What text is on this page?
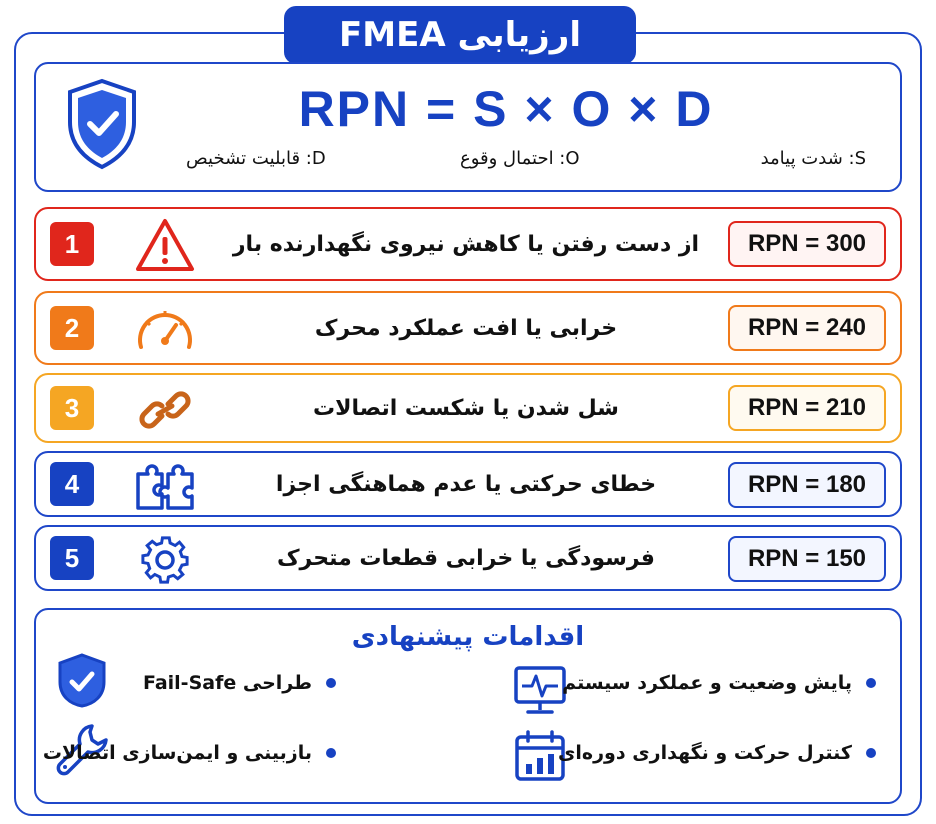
ارزیابی FMEA
RPN = S × O × D
S: شدت پیامد
O: احتمال وقوع
D: قابلیت تشخیص
1	از دست رفتن یا کاهش نیروی نگهدارنده بار	RPN = 300
2	خرابی یا افت عملکرد محرک	RPN = 240
3	شل شدن یا شکست اتصالات	RPN = 210
4	خطای حرکتی یا عدم هماهنگی اجزا	RPN = 180
5	فرسودگی یا خرابی قطعات متحرک	RPN = 150
اقدامات پیشنهادی
پایش وضعیت و عملکرد سیستم
طراحی Fail-Safe
کنترل حرکت و نگهداری دوره‌ای
بازبینی و ایمن‌سازی اتصالات
